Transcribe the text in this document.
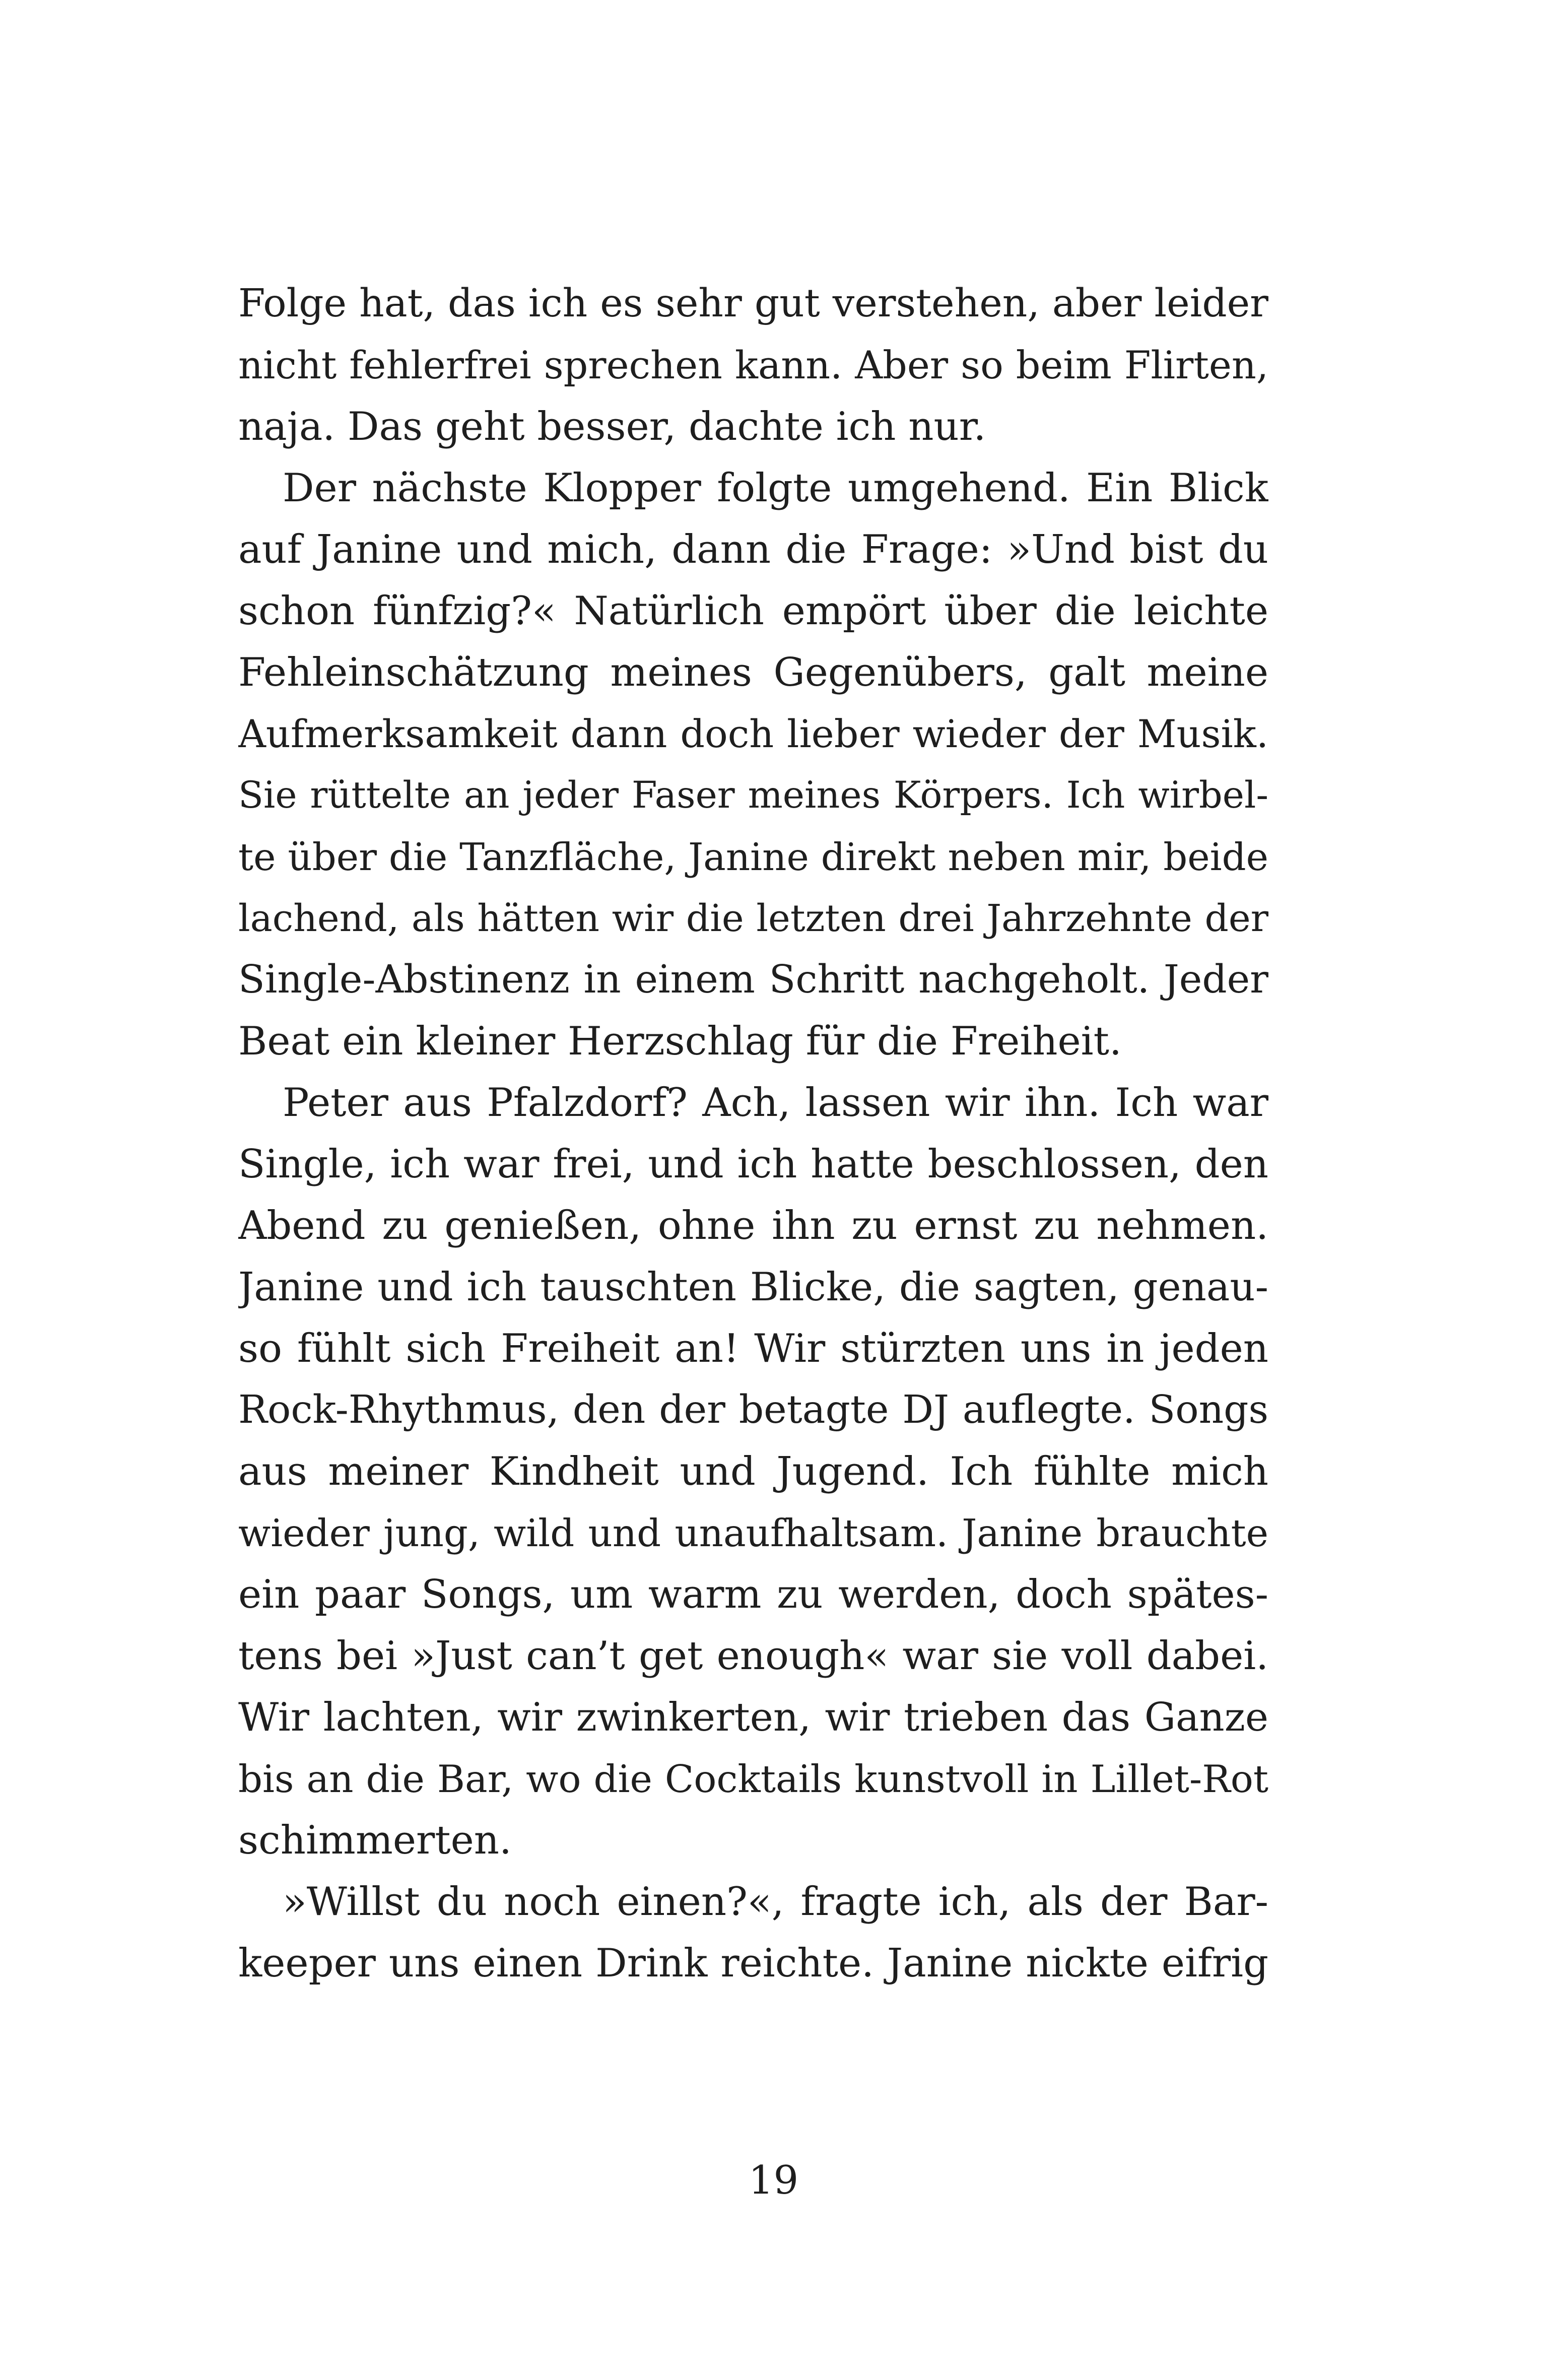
Folge hat, das ich es sehr gut verstehen, aber leider
nicht fehlerfrei sprechen kann. Aber so beim Flirten,
naja. Das geht besser, dachte ich nur.
Der nächste Klopper folgte umgehend. Ein Blick
auf Janine und mich, dann die Frage: »Und bist du
schon fünfzig?« Natürlich empört über die leichte
Fehleinschätzung meines Gegenübers, galt meine
Aufmerksamkeit dann doch lieber wieder der Musik.
Sie rüttelte an jeder Faser meines Körpers. Ich wirbel-
te über die Tanzfläche, Janine direkt neben mir, beide
lachend, als hätten wir die letzten drei Jahrzehnte der
Single-Abstinenz in einem Schritt nachgeholt. Jeder
Beat ein kleiner Herzschlag für die Freiheit.
Peter aus Pfalzdorf? Ach, lassen wir ihn. Ich war
Single, ich war frei, und ich hatte beschlossen, den
Abend zu genießen, ohne ihn zu ernst zu nehmen.
Janine und ich tauschten Blicke, die sagten, genau-
so fühlt sich Freiheit an! Wir stürzten uns in jeden
Rock-Rhythmus, den der betagte DJ auflegte. Songs
aus meiner Kindheit und Jugend. Ich fühlte mich
wieder jung, wild und unaufhaltsam. Janine brauchte
ein paar Songs, um warm zu werden, doch spätes-
tens bei »Just can’t get enough« war sie voll dabei.
Wir lachten, wir zwinkerten, wir trieben das Ganze
bis an die Bar, wo die Cocktails kunstvoll in Lillet-Rot
schimmerten.
»Willst du noch einen?«, fragte ich, als der Bar-
keeper uns einen Drink reichte. Janine nickte eifrig
19
